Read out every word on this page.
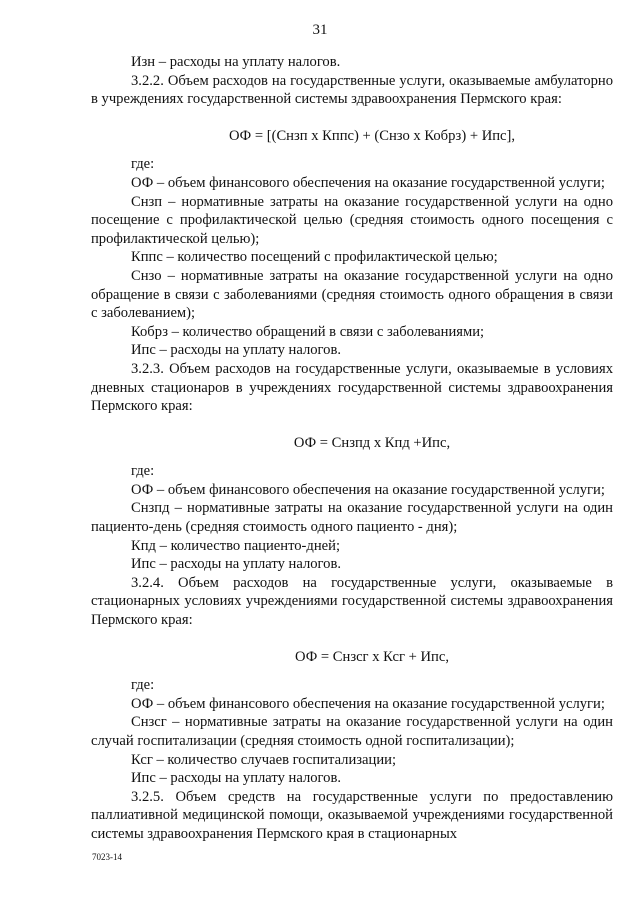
31

Изн – расходы на уплату налогов.

3.2.2. Объем расходов на государственные услуги, оказываемые амбулаторно в учреждениях государственной системы здравоохранения Пермского края:

ОФ = [(Снзп х Кппс) + (Снзо х Кобрз) + Ипс],

где:

ОФ – объем финансового обеспечения на оказание государственной услуги;

Снзп – нормативные затраты на оказание государственной услуги на одно посещение с профилактической целью (средняя стоимость одного посещения с профилактической целью);

Кппс – количество посещений с профилактической целью;

Снзо – нормативные затраты на оказание государственной услуги на одно обращение в связи с заболеваниями (средняя стоимость одного обращения в связи с заболеванием);

Кобрз – количество обращений в связи с заболеваниями;

Ипс – расходы на уплату налогов.

3.2.3. Объем расходов на государственные услуги, оказываемые в условиях дневных стационаров в учреждениях государственной системы здравоохранения Пермского края:

ОФ = Снзпд х Кпд +Ипс,

где:

ОФ – объем финансового обеспечения на оказание государственной услуги;

Снзпд – нормативные затраты на оказание государственной услуги на один пациенто-день (средняя стоимость одного пациенто - дня);

Кпд – количество пациенто-дней;

Ипс – расходы на уплату налогов.

3.2.4. Объем расходов на государственные услуги, оказываемые в стационарных условиях учреждениями государственной системы здравоохранения Пермского края:

ОФ = Снзсг х Ксг + Ипс,

где:

ОФ – объем финансового обеспечения на оказание государственной услуги;

Снзсг – нормативные затраты на оказание государственной услуги на один случай госпитализации (средняя стоимость одной госпитализации);

Ксг – количество случаев госпитализации;

Ипс – расходы на уплату налогов.

3.2.5. Объем средств на государственные услуги по предоставлению паллиативной медицинской помощи, оказываемой учреждениями государственной системы здравоохранения Пермского края в стационарных

7023-14
